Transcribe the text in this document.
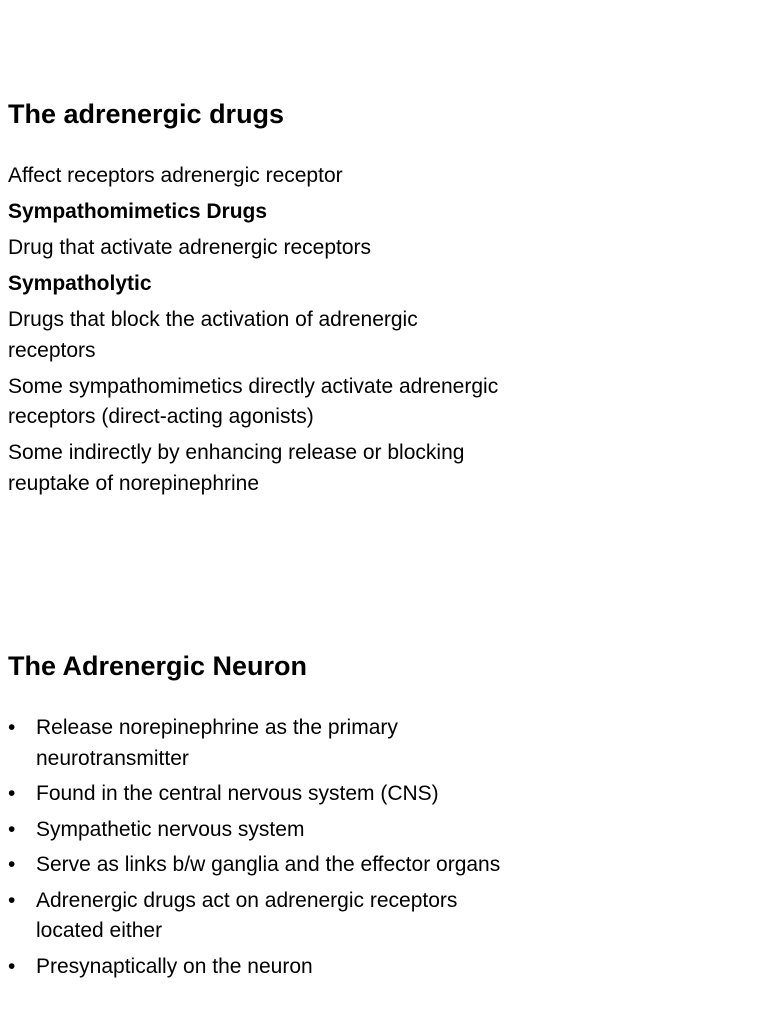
The adrenergic drugs
Affect receptors adrenergic receptor
Sympathomimetics Drugs
Drug that activate adrenergic receptors
Sympatholytic
Drugs that block the activation of adrenergic receptors
Some sympathomimetics directly activate adrenergic receptors (direct-acting agonists)
Some indirectly by enhancing release or blocking reuptake of norepinephrine
The Adrenergic Neuron
• Release norepinephrine as the primary neurotransmitter
• Found in the central nervous system (CNS)
• Sympathetic nervous system
• Serve as links b/w ganglia and the effector organs
• Adrenergic drugs act on adrenergic receptors located either
• Presynaptically on the neuron
